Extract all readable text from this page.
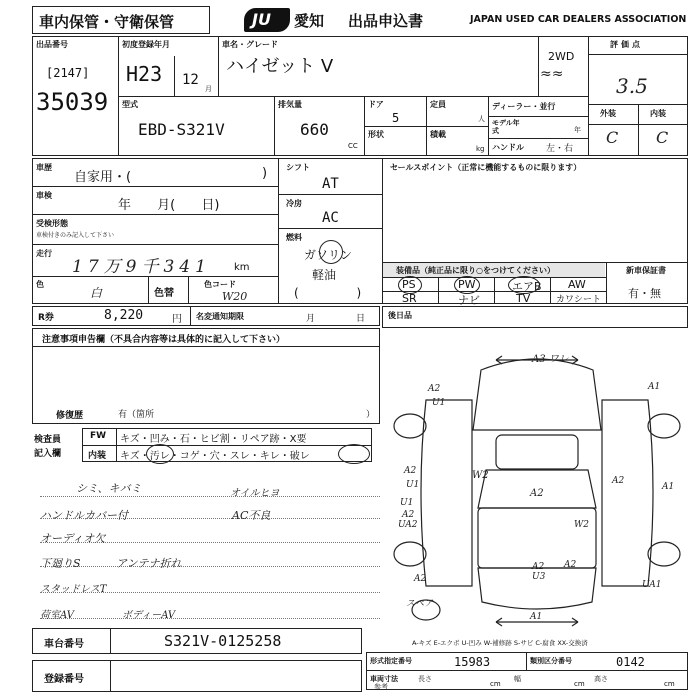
車内保管・守衛保管	JU 愛知 出品申込書	JAPAN USED CAR DEALERS ASSOCIATION
出品番号
[2147]
35039
初度登録年月
H23 12
月
車名・グレード
ハイゼット V	2WD
≈≈
評価点
3.5
外装	内装
C C
型式
EBD-S321V
排気量
660
CC
ドア
5
形状
定員
人
積載
kg
ディーラー・並行
モデル年式	年
ハンドル 左・右
車歴
自家用・(	)
車検
年 月( 日)
受検形態
車検付きのみ記入して下さい
走行
17万9千341 km
色
白	色替
色コード
W20
シフト
AT
冷房
AC
燃料
ガソリン
軽油
( )
セールスポイント（正常に機能するものに限ります）
装備品（純正品に限り○をつけてください）	新車保証書
有・無
PS	PW	エアB AW
SR	ナビ	TV	カワシート
R券	8,220	円 名変通知期限	月	日	後日品
注意事項申告欄（不具合内容等は具体的に記入して下さい）
修復歴	有（箇所	）
検査員
記入欄
FW キズ・凹み・石・ヒビ割・リペア跡・X要
内装 キズ・汚レ・コゲ・穴・スレ・キレ・破レ
シミ、キバミ	オイルヒヨ
ハンドルカバー付	AC不良
オーディオ欠
下廻りS	アンテナ折れ
スタッドレスT
荷室AV	ボディーAV
A3 ワレ
A2	A1
U1
A2
U1
W2
A2
A1
A2
W2
U1
A2
UA2
A2 U3
A2
UA1
A1
スペア
A2
A-キズ E-エクボ U-凹み W-補修跡 S-サビ C-腐食 XX-交換済
車台番号	S321V-0125258
登録番号
形式指定番号	15983	類別区分番号	0142
車両寸法
参考
長さ
cm
幅
cm
高さ
cm
